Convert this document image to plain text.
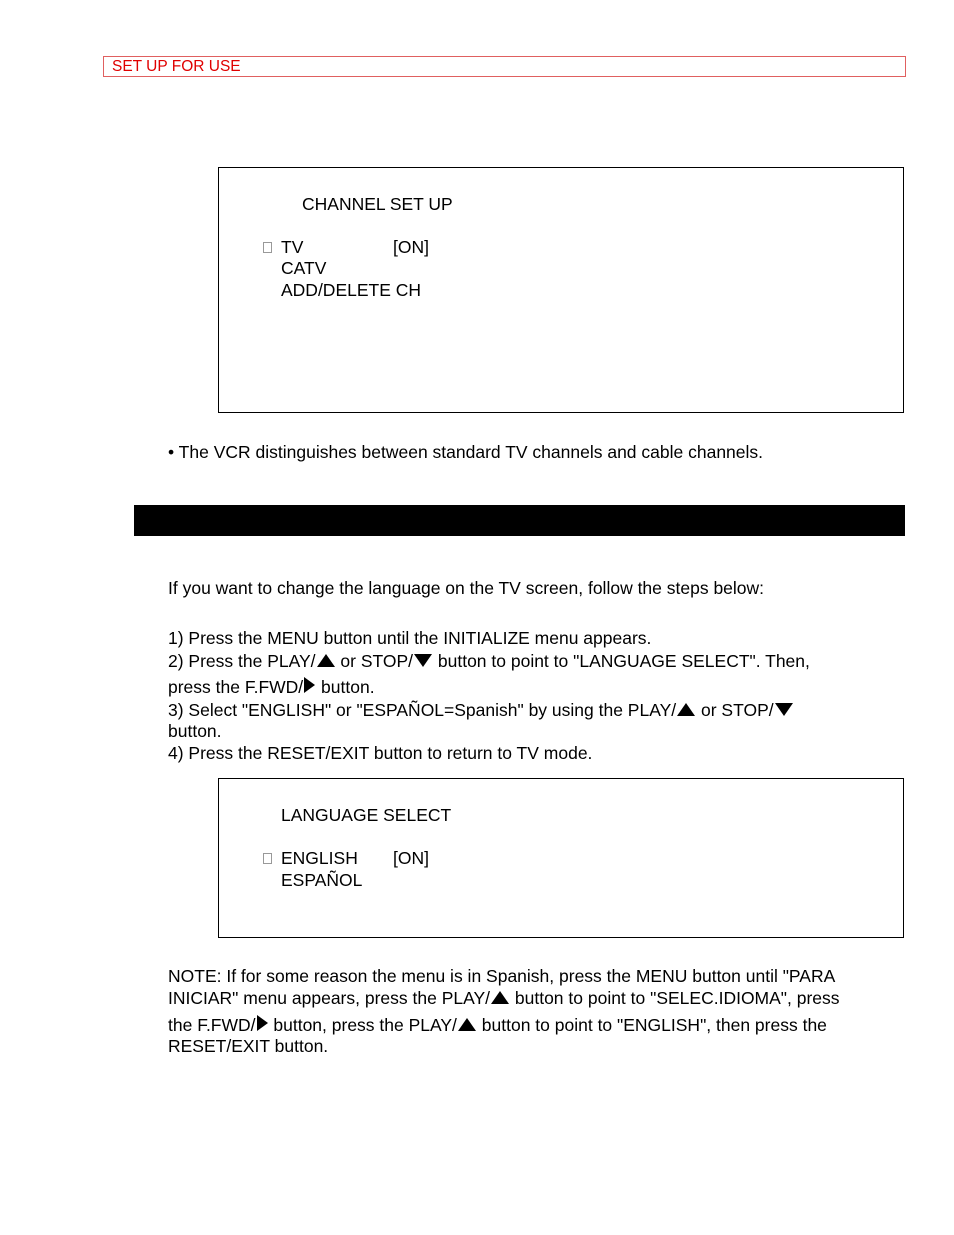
SET UP FOR USE
CHANNEL SET UP
TV	[ON]
CATV
ADD/DELETE CH
• The VCR distinguishes between standard TV channels and cable channels.
If you want to change the language on the TV screen, follow the steps below:
1) Press the MENU button until the INITIALIZE menu appears.
2) Press the PLAY/ or STOP/ button to point to "LANGUAGE SELECT". Then,
press the F.FWD/ button.
3) Select "ENGLISH" or "ESPAÑOL=Spanish" by using the PLAY/ or STOP/
button.
4) Press the RESET/EXIT button to return to TV mode.
LANGUAGE SELECT
ENGLISH [ON]
ESPAÑOL
NOTE: If for some reason the menu is in Spanish, press the MENU button until "PARA
INICIAR" menu appears, press the PLAY/ button to point to "SELEC.IDIOMA", press
the F.FWD/ button, press the PLAY/ button to point to "ENGLISH", then press the
RESET/EXIT button.
